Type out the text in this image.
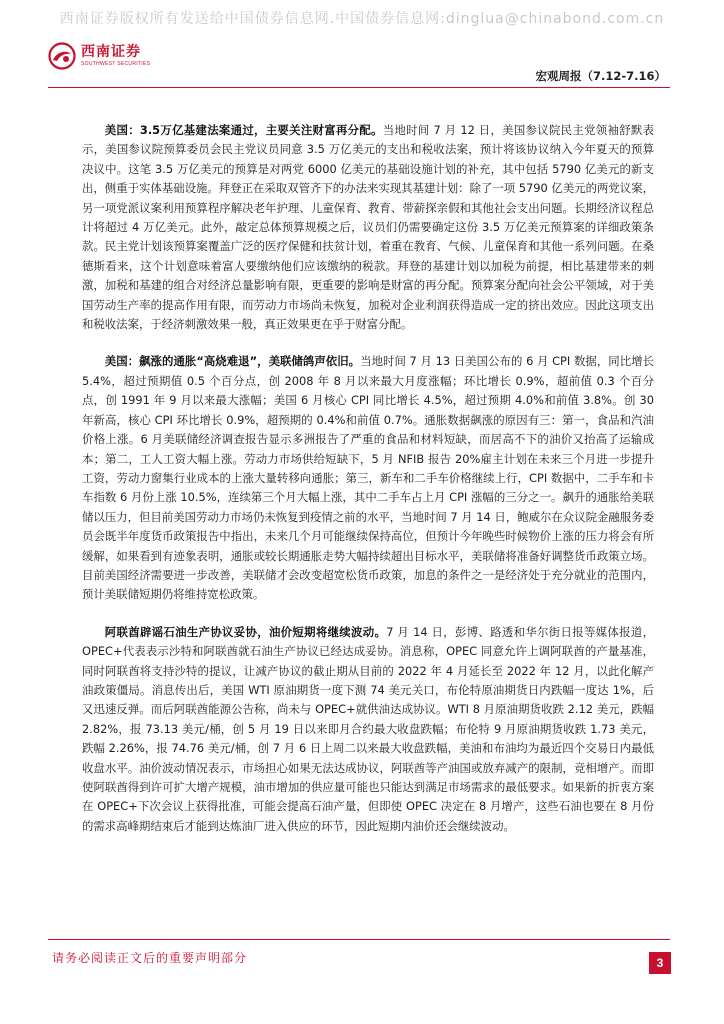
西南证券版权所有发送给中国债券信息网.中国债券信息网:dinglua@chinabond.com.cn
西南证券
SOUTHWEST SECURITIES
宏观周报（7.12-7.16）

美国：3.5万亿基建法案通过，主要关注财富再分配。当地时间 7 月 12 日，美国参议院民主党领袖舒默表示，美国参议院预算委员会民主党议员同意 3.5 万亿美元的支出和税收法案，预计将该协议纳入今年夏天的预算决议中。这笔 3.5 万亿美元的预算是对两党 6000 亿美元的基础设施计划的补充，其中包括 5790 亿美元的新支出，侧重于实体基础设施。拜登正在采取双管齐下的办法来实现其基建计划：除了一项 5790 亿美元的两党议案，另一项党派议案利用预算程序解决老年护理、儿童保育、教育、带薪探亲假和其他社会支出问题。长期经济议程总计将超过 4 万亿美元。此外，敲定总体预算规模之后，议员们仍需要确定这份 3.5 万亿美元预算案的详细政策条款。民主党计划该预算案覆盖广泛的医疗保健和扶贫计划，着重在教育、气候、儿童保育和其他一系列问题。在桑德斯看来，这个计划意味着富人要缴纳他们应该缴纳的税款。拜登的基建计划以加税为前提，相比基建带来的刺激，加税和基建的组合对经济总量影响有限，更重要的影响是财富的再分配。预算案分配向社会公平领域，对于美国劳动生产率的提高作用有限，而劳动力市场尚未恢复，加税对企业利润获得造成一定的挤出效应。因此这项支出和税收法案，于经济刺激效果一般，真正效果更在乎于财富分配。

美国：飙涨的通胀“高烧难退”，美联储鸽声依旧。当地时间 7 月 13 日美国公布的 6 月 CPI 数据，同比增长 5.4%，超过预期值 0.5 个百分点，创 2008 年 8 月以来最大月度涨幅；环比增长 0.9%，超前值 0.3 个百分点，创 1991 年 9 月以来最大涨幅；美国 6 月核心 CPI 同比增长 4.5%，超过预期 4.0%和前值 3.8%。创 30 年新高，核心 CPI 环比增长 0.9%，超预期的 0.4%和前值 0.7%。通胀数据飙涨的原因有三：第一，食品和汽油价格上涨。6 月美联储经济调查报告显示多洲报告了严重的食品和材料短缺，而居高不下的油价又抬高了运输成本；第二，工人工资大幅上涨。劳动力市场供给短缺下，5 月 NFIB 报告 20%雇主计划在未来三个月进一步提升工资，劳动力窗集行业成本的上涨大量转移向通胀；第三，新车和二手车价格继续上行，CPI 数据中，二手车和卡车指数 6 月份上涨 10.5%，连续第三个月大幅上涨，其中二手车占上月 CPI 涨幅的三分之一。飙升的通胀给美联储以压力，但目前美国劳动力市场仍未恢复到疫情之前的水平，当地时间 7 月 14 日，鲍威尔在众议院金融服务委员会既半年度货币政策报告中指出，未来几个月可能继续保持高位，但预计今年晚些时候物价上涨的压力将会有所缓解，如果看到有迹象表明，通胀或较长期通胀走势大幅持续超出目标水平，美联储将准备好调整货币政策立场。目前美国经济需要进一步改善，美联储才会改变超宽松货币政策，加息的条件之一是经济处于充分就业的范围内，预计美联储短期仍将维持宽松政策。

阿联酋辟谣石油生产协议妥协，油价短期将继续波动。7 月 14 日，彭博、路透和华尔街日报等媒体报道，OPEC+代表表示沙特和阿联酋就石油生产协议已经达成妥协。消息称，OPEC 同意允许上调阿联酋的产量基准，同时阿联酋将支持沙特的提议，让减产协议的截止期从目前的 2022 年 4 月延长至 2022 年 12 月，以此化解产油政策僵局。消息传出后，美国 WTI 原油期货一度下测 74 美元关口，布伦特原油期货日内跌幅一度达 1%，后又迅速反弹。而后阿联酋能源公告称，尚未与 OPEC+就供油达成协议。WTI 8 月原油期货收跌 2.12 美元，跌幅 2.82%，报 73.13 美元/桶，创 5 月 19 日以来即月合约最大收盘跌幅；布伦特 9 月原油期货收跌 1.73 美元，跌幅 2.26%，报 74.76 美元/桶，创 7 月 6 日上周二以来最大收盘跌幅，美油和布油均为最近四个交易日内最低收盘水平。油价波动情况表示，市场担心如果无法达成协议，阿联酋等产油国或放弃减产的限制，竞相增产。而即使阿联酋得到许可扩大增产规模，油市增加的供应量可能也只能达到满足市场需求的最低要求。如果新的折衷方案在 OPEC+下次会议上获得批准，可能会提高石油产量，但即使 OPEC 决定在 8 月增产，这些石油也要在 8 月份的需求高峰期结束后才能到达炼油厂进入供应的环节，因此短期内油价还会继续波动。

请务必阅读正文后的重要声明部分	3
